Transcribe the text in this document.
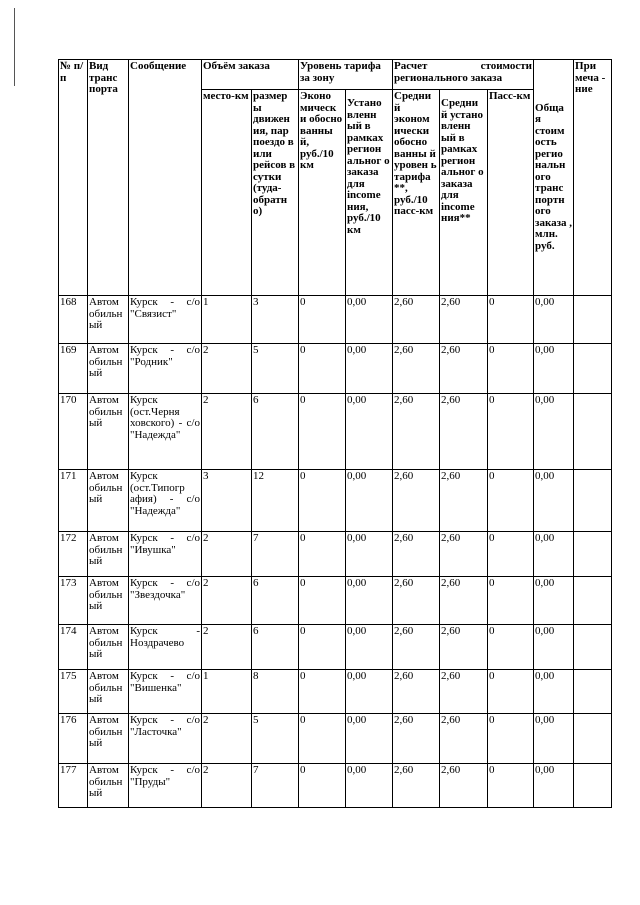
№ п/п	Вид транс порта	Сообщение	Объём заказа		Уровень тарифа за зону		Расчет стоимости регионального заказа			Обща я стоим ость регио нальн ого транс портн ого заказа , млн. руб.	При меча - ние
			место-км	размер ы движен ия, пар поездо в или рейсов в сутки (туда-обратн о)	Эконо мическ и обосно ванны й, руб./10 км	Устано вленн ый в рамках регион альног о заказа для income ния, руб./10 км	Средни й эконом ически обосно ванны й уровен ь тарифа **, руб./10 пасс-км	Средни й устано вленн ый в рамках регион альног о заказа для income ния**	Пасс-км		

168	Автом обильн ый	Курск - с/о "Связист"	1	3	0	0,00	2,60	2,60	0	0,00	
169	Автом обильн ый	Курск - с/о "Родник"	2	5	0	0,00	2,60	2,60	0	0,00	
170	Автом обильн ый	Курск (ост.Черня ховского) - с/о "Надежда"	2	6	0	0,00	2,60	2,60	0	0,00	
171	Автом обильн ый	Курск (ост.Типогр афия) - с/о "Надежда"	3	12	0	0,00	2,60	2,60	0	0,00	
172	Автом обильн ый	Курск - с/о "Ивушка"	2	7	0	0,00	2,60	2,60	0	0,00	
173	Автом обильн ый	Курск - с/о "Звездочка"	2	6	0	0,00	2,60	2,60	0	0,00	
174	Автом обильн ый	Курск - Ноздрачево	2	6	0	0,00	2,60	2,60	0	0,00	
175	Автом обильн ый	Курск - с/о "Вишенка"	1	8	0	0,00	2,60	2,60	0	0,00	
176	Автом обильн ый	Курск - с/о "Ласточка"	2	5	0	0,00	2,60	2,60	0	0,00	
177	Автом обильн ый	Курск - с/о "Пруды"	2	7	0	0,00	2,60	2,60	0	0,00	
